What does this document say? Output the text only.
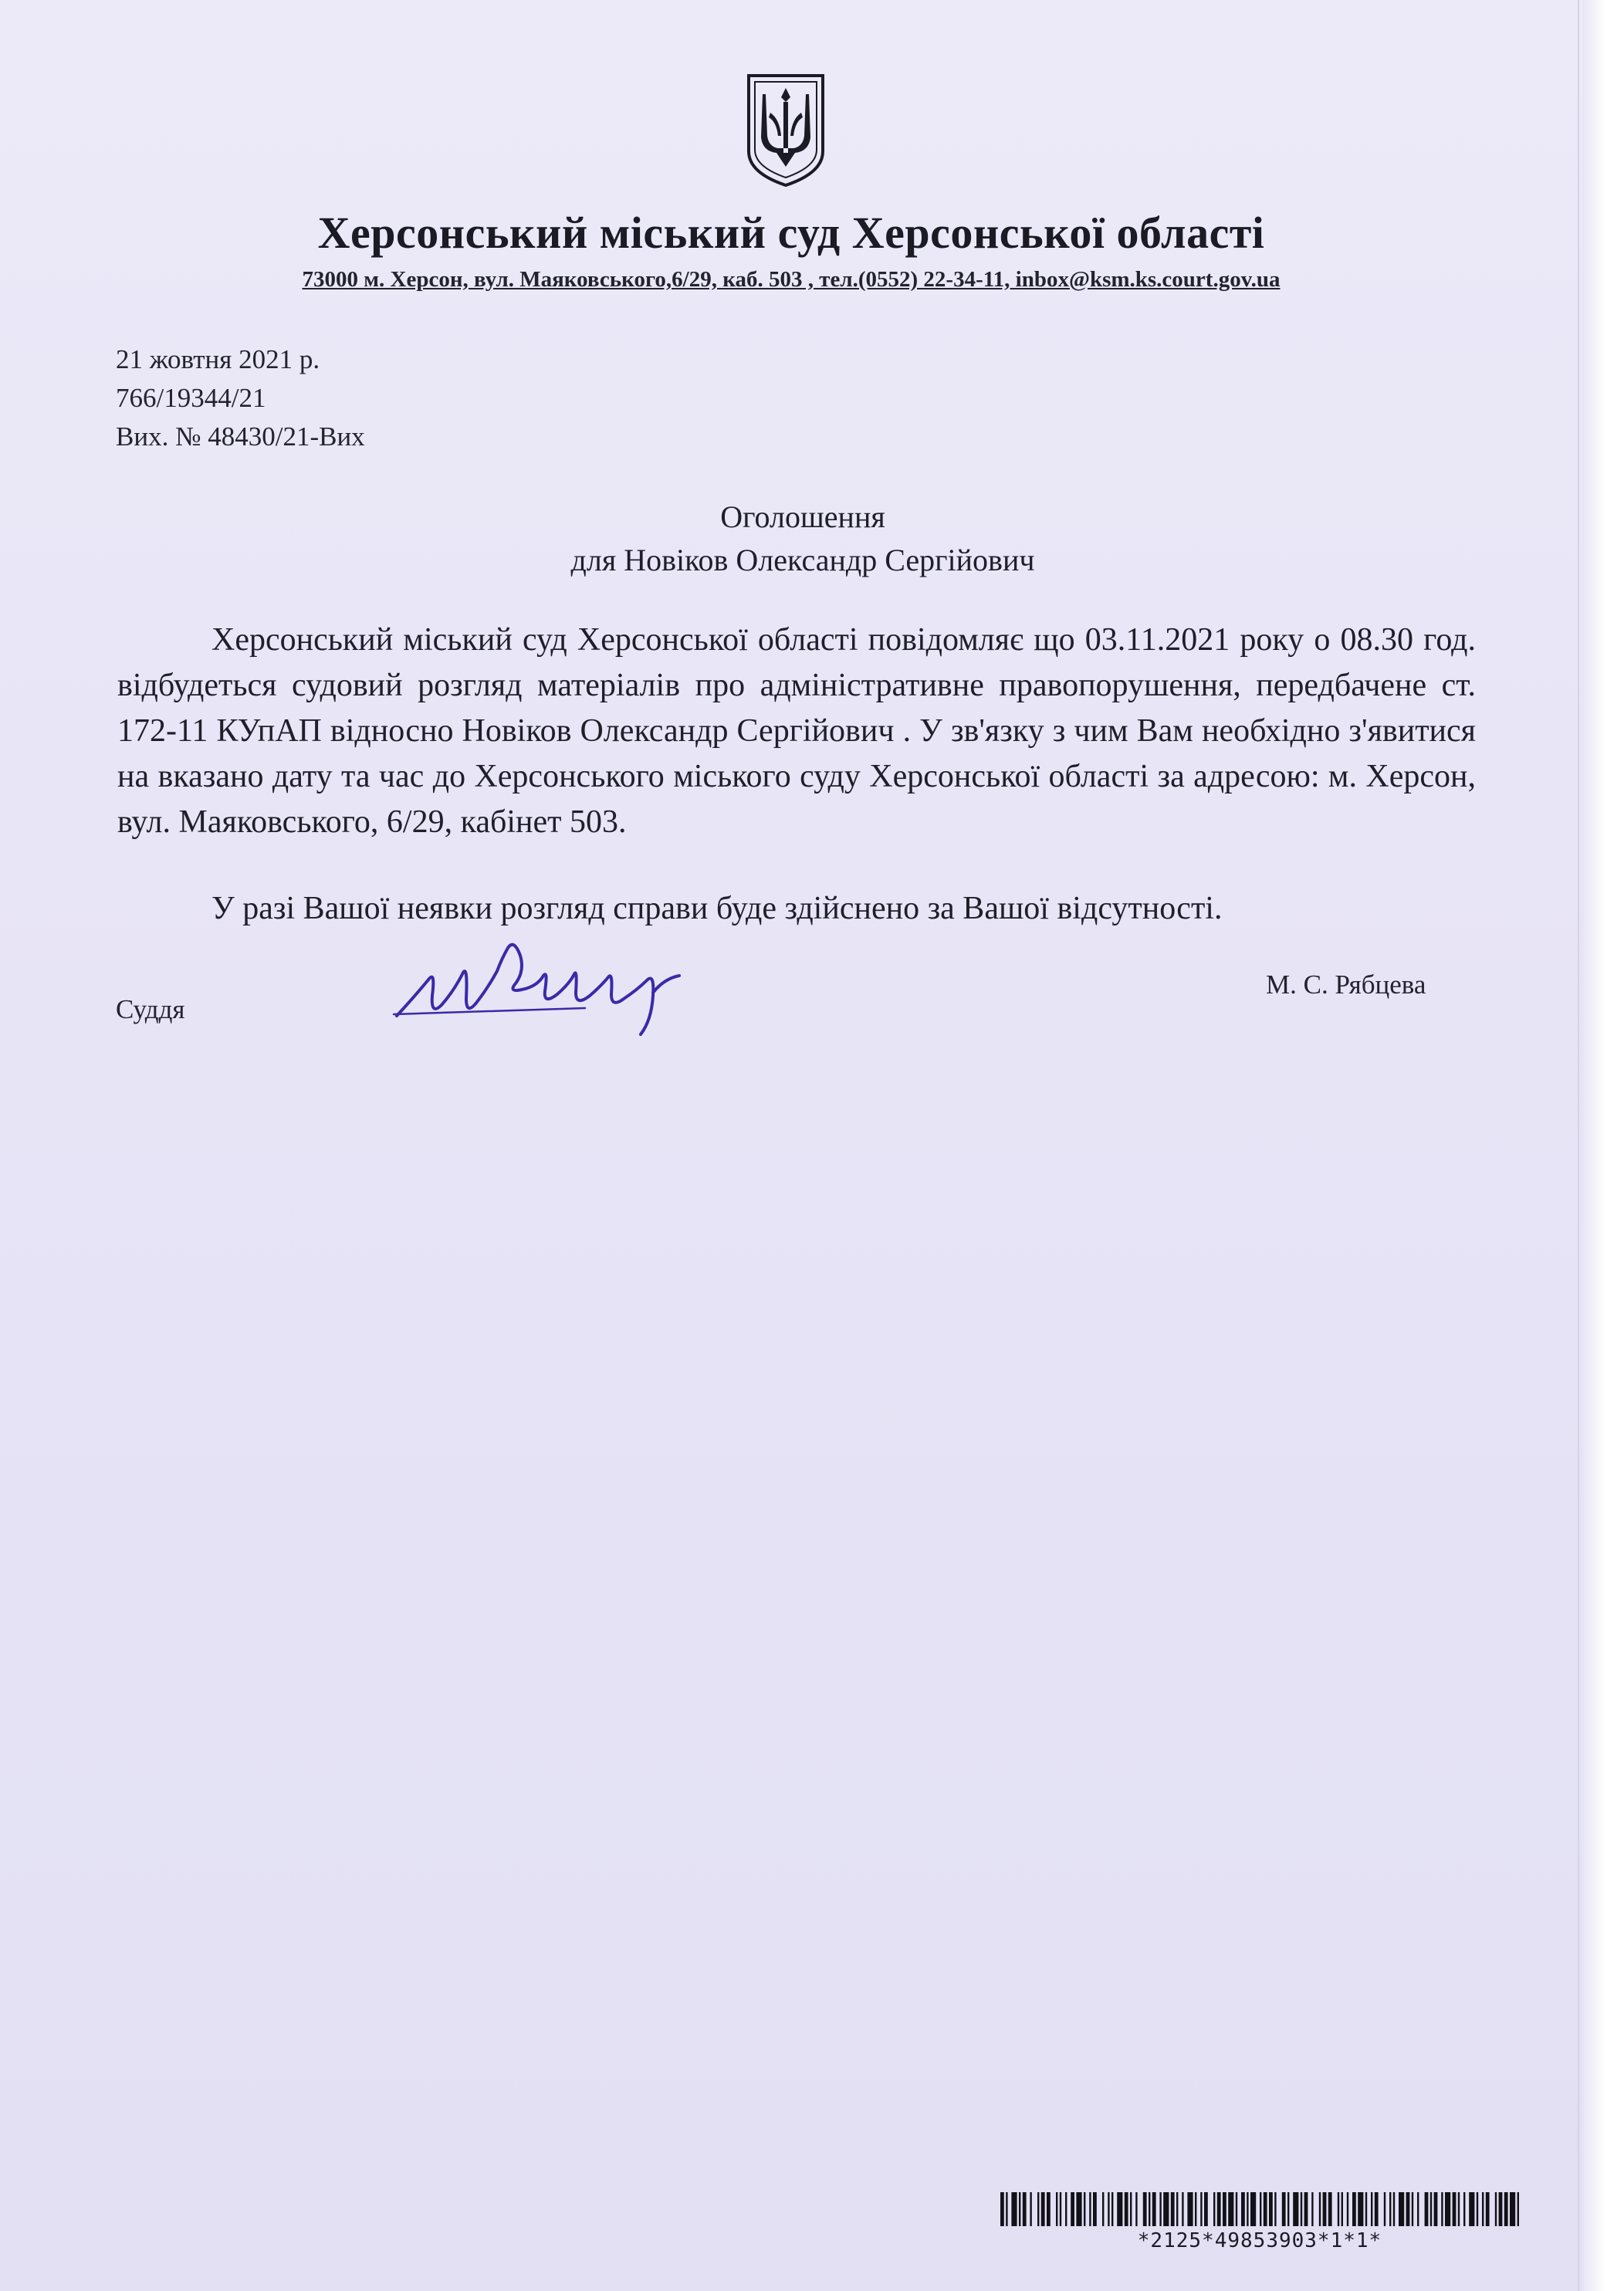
Херсонський міський суд Херсонської області
73000 м. Херсон, вул. Маяковського,6/29, каб. 503 , тел.(0552) 22-34-11, inbox@ksm.ks.court.gov.ua
21 жовтня 2021 р.
766/19344/21
Вих. № 48430/21-Вих
Оголошення
для Новіков Олександр Сергійович

Херсонський міський суд Херсонської області повідомляє що 03.11.2021 року о 08.30 год. відбудеться судовий розгляд матеріалів про адміністративне правопорушення, передбачене ст. 172-11 КУпАП відносно Новіков Олександр Сергійович . У зв'язку з чим Вам необхідно з'явитися на вказано дату та час до Херсонського міського суду Херсонської області за адресою: м. Херсон, вул. Маяковського, 6/29, кабінет 503.

У разі Вашої неявки розгляд справи буде здійснено за Вашої відсутності.

Суддя
М. С. Рябцева
*2125*49853903*1*1*
